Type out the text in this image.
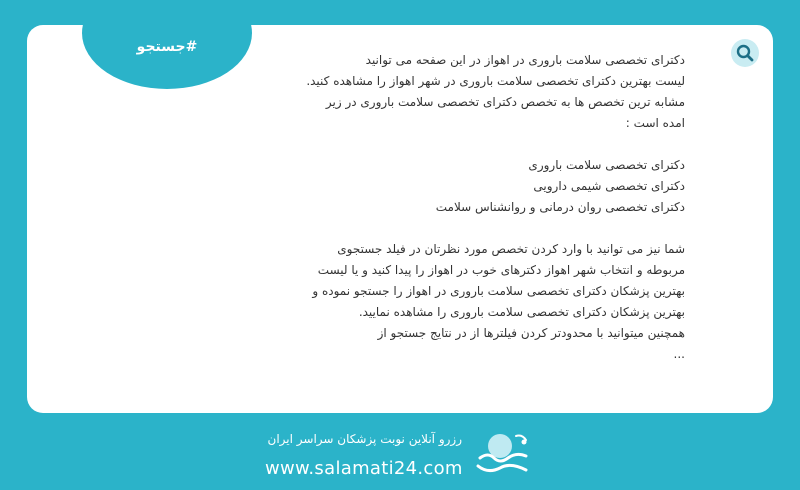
#جستجو

دکترای تخصصی سلامت باروری در اهواز در این صفحه می توانید

لیست بهترین دکترای تخصصی سلامت باروری در شهر اهواز را مشاهده کنید.

مشابه ترین تخصص ها به تخصص دکترای تخصصی سلامت باروری در زیر امده است :

دکترای تخصصی سلامت باروری

دکترای تخصصی شیمی دارویی

دکترای تخصصی روان درمانی و روانشناس سلامت

شما نیز می توانید با وارد کردن تخصص مورد نظرتان در فیلد جستجوی مربوطه و انتخاب شهر اهواز دکترهای خوب در اهواز را پیدا کنید و یا لیست بهترین پزشکان دکترای تخصصی سلامت باروری در اهواز را جستجو نموده و بهترین پزشکان دکترای تخصصی سلامت باروری را مشاهده نمایید.

همچنین میتوانید با محدودتر کردن فیلترها از در نتایج جستجو از

...

رزرو آنلاین نوبت پزشکان سراسر ایران
www.salamati24.com
